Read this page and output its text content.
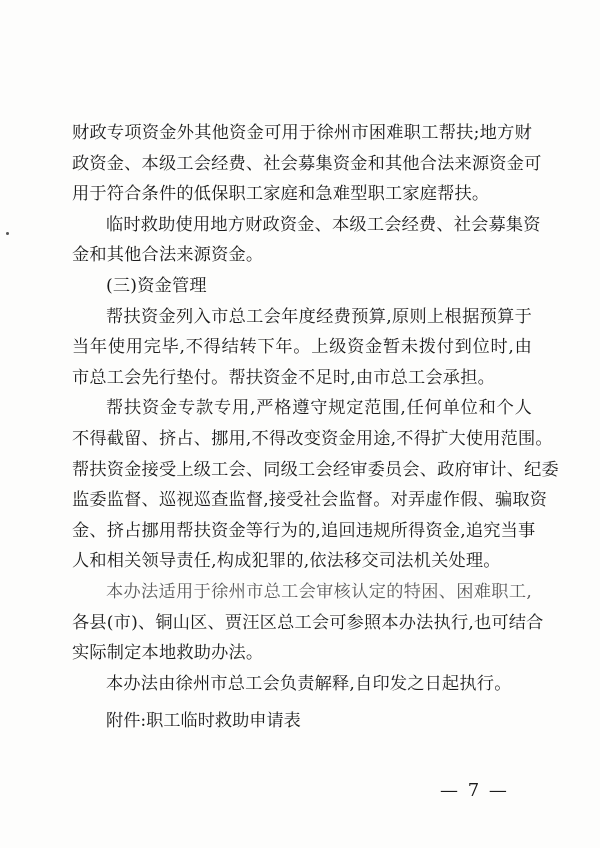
财政专项资金外其他资金可用于徐州市困难职工帮扶;地方财
政资金、本级工会经费、社会募集资金和其他合法来源资金可
用于符合条件的低保职工家庭和急难型职工家庭帮扶。
临时救助使用地方财政资金、本级工会经费、社会募集资
金和其他合法来源资金。
(三)资金管理
帮扶资金列入市总工会年度经费预算,原则上根据预算于
当年使用完毕,不得结转下年。上级资金暂未拨付到位时,由
市总工会先行垫付。帮扶资金不足时,由市总工会承担。
帮扶资金专款专用,严格遵守规定范围,任何单位和个人
不得截留、挤占、挪用,不得改变资金用途,不得扩大使用范围。
帮扶资金接受上级工会、同级工会经审委员会、政府审计、纪委
监委监督、巡视巡查监督,接受社会监督。对弄虚作假、骗取资
金、挤占挪用帮扶资金等行为的,追回违规所得资金,追究当事
人和相关领导责任,构成犯罪的,依法移交司法机关处理。
本办法适用于徐州市总工会审核认定的特困、困难职工,
各县(市)、铜山区、贾汪区总工会可参照本办法执行,也可结合
实际制定本地救助办法。
本办法由徐州市总工会负责解释,自印发之日起执行。
附件:职工临时救助申请表
— 7 —
